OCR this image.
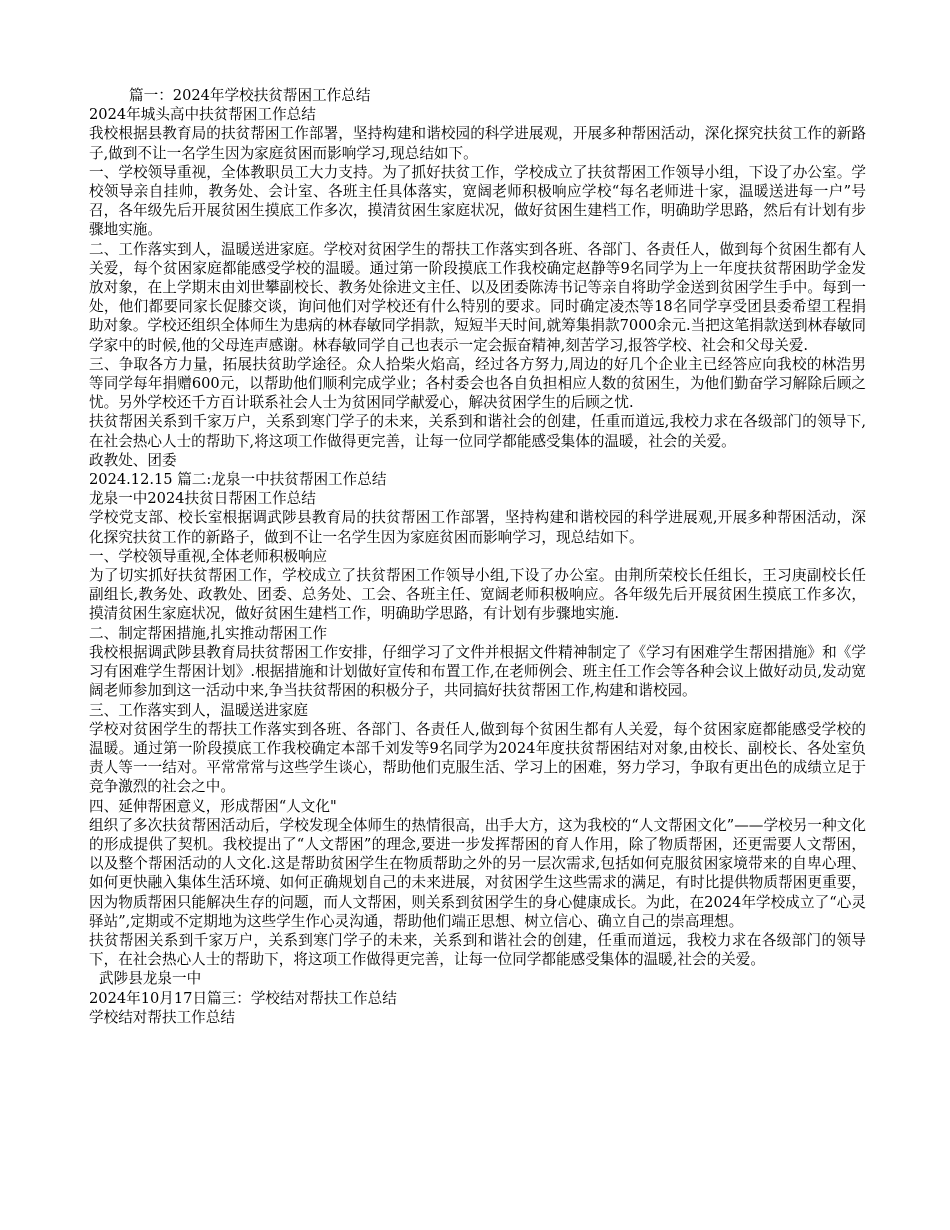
篇一：2024年学校扶贫帮困工作总结

2024年城头高中扶贫帮困工作总结

我校根据县教育局的扶贫帮困工作部署，坚持构建和谐校园的科学进展观，开展多种帮困活动，深化探究扶贫工作的新路子,做到不让一名学生因为家庭贫困而影响学习,现总结如下。

一、学校领导重视，全体教职员工大力支持。为了抓好扶贫工作，学校成立了扶贫帮困工作领导小组，下设了办公室。学校领导亲自挂帅，教务处、会计室、各班主任具体落实，宽阔老师积极响应学校“每名老师进十家，温暖送进每一户”号召，各年级先后开展贫困生摸底工作多次，摸清贫困生家庭状况，做好贫困生建档工作，明确助学思路，然后有计划有步骤地实施。

二、工作落实到人，温暖送进家庭。学校对贫困学生的帮扶工作落实到各班、各部门、各责任人，做到每个贫困生都有人关爱，每个贫困家庭都能感受学校的温暖。通过第一阶段摸底工作我校确定赵静等9名同学为上一年度扶贫帮困助学金发放对象，在上学期末由刘世攀副校长、教务处徐进文主任、以及团委陈涛书记等亲自将助学金送到贫困学生手中。每到一处，他们都要同家长促膝交谈，询问他们对学校还有什么特别的要求。同时确定凌杰等18名同学享受团县委希望工程捐助对象。学校还组织全体师生为患病的林春敏同学捐款，短短半天时间,就筹集捐款7000余元.当把这笔捐款送到林春敏同学家中的时候,他的父母连声感谢。林春敏同学自己也表示一定会振奋精神,刻苦学习,报答学校、社会和父母关爱.

三、争取各方力量，拓展扶贫助学途径。众人拾柴火焰高，经过各方努力,周边的好几个企业主已经答应向我校的林浩男等同学每年捐赠600元，以帮助他们顺利完成学业；各村委会也各自负担相应人数的贫困生，为他们勤奋学习解除后顾之忧。另外学校还千方百计联系社会人士为贫困同学献爱心，解决贫困学生的后顾之忧.

扶贫帮困关系到千家万户，关系到寒门学子的未来，关系到和谐社会的创建，任重而道远,我校力求在各级部门的领导下,在社会热心人士的帮助下,将这项工作做得更完善，让每一位同学都能感受集体的温暖，社会的关爱。

政教处、团委

2024.12.15 篇二:龙泉一中扶贫帮困工作总结

龙泉一中2024扶贫日帮困工作总结

学校党支部、校长室根据调武陟县教育局的扶贫帮困工作部署，坚持构建和谐校园的科学进展观,开展多种帮困活动，深化探究扶贫工作的新路子，做到不让一名学生因为家庭贫困而影响学习，现总结如下。

一、学校领导重视,全体老师积极响应

为了切实抓好扶贫帮困工作，学校成立了扶贫帮困工作领导小组,下设了办公室。由荆所荣校长任组长，王习庚副校长任副组长,教务处、政教处、团委、总务处、工会、各班主任、宽阔老师积极响应。各年级先后开展贫困生摸底工作多次，摸清贫困生家庭状况，做好贫困生建档工作，明确助学思路，有计划有步骤地实施.

二、制定帮困措施,扎实推动帮困工作

我校根据调武陟县教育局扶贫帮困工作安排，仔细学习了文件并根据文件精神制定了《学习有困难学生帮困措施》和《学习有困难学生帮困计划》.根据措施和计划做好宣传和布置工作,在老师例会、班主任工作会等各种会议上做好动员,发动宽阔老师参加到这一活动中来,争当扶贫帮困的积极分子，共同搞好扶贫帮困工作,构建和谐校园。

三、工作落实到人，温暖送进家庭

学校对贫困学生的帮扶工作落实到各班、各部门、各责任人,做到每个贫困生都有人关爱，每个贫困家庭都能感受学校的温暖。通过第一阶段摸底工作我校确定本部千刘发等9名同学为2024年度扶贫帮困结对对象,由校长、副校长、各处室负责人等一一结对。平常常常与这些学生谈心，帮助他们克服生活、学习上的困难，努力学习，争取有更出色的成绩立足于竞争激烈的社会之中。

四、延伸帮困意义，形成帮困“人文化"

组织了多次扶贫帮困活动后，学校发现全体师生的热情很高，出手大方，这为我校的“人文帮困文化”——学校另一种文化的形成提供了契机。我校提出了“人文帮困”的理念,要进一步发挥帮困的育人作用，除了物质帮困，还更需要人文帮困，以及整个帮困活动的人文化.这是帮助贫困学生在物质帮助之外的另一层次需求,包括如何克服贫困家境带来的自卑心理、如何更快融入集体生活环境、如何正确规划自己的未来进展，对贫困学生这些需求的满足，有时比提供物质帮困更重要，因为物质帮困只能解决生存的问题，而人文帮困，则关系到贫困学生的身心健康成长。为此，在2024年学校成立了“心灵驿站”,定期或不定期地为这些学生作心灵沟通，帮助他们端正思想、树立信心、确立自己的崇高理想。

扶贫帮困关系到千家万户，关系到寒门学子的未来，关系到和谐社会的创建，任重而道远，我校力求在各级部门的领导下，在社会热心人士的帮助下，将这项工作做得更完善，让每一位同学都能感受集体的温暖,社会的关爱。

武陟县龙泉一中

2024年10月17日篇三：学校结对帮扶工作总结

学校结对帮扶工作总结
